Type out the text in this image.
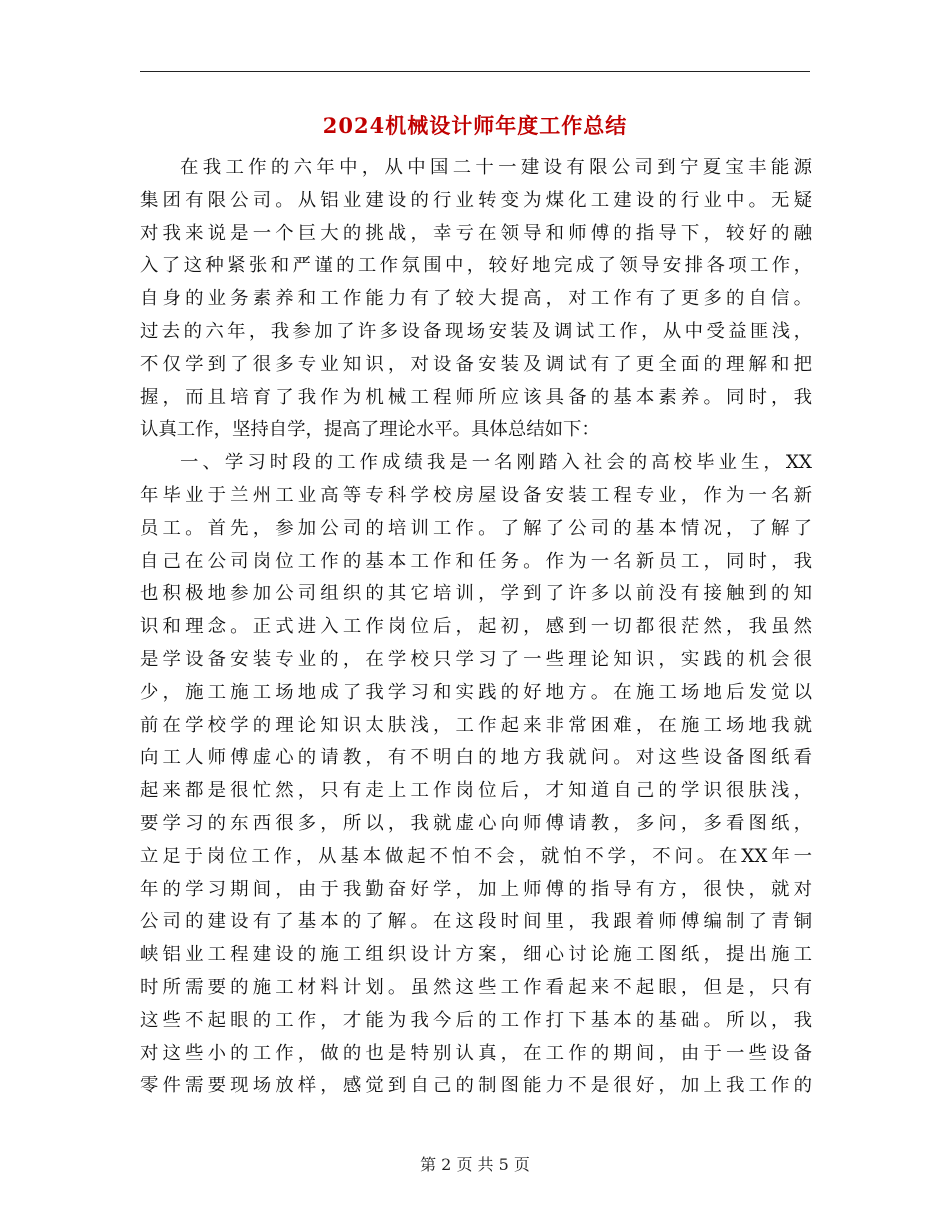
2024机械设计师年度工作总结
在我工作的六年中，从中国二十一建设有限公司到宁夏宝丰能源
集团有限公司。从铝业建设的行业转变为煤化工建设的行业中。无疑
对我来说是一个巨大的挑战，幸亏在领导和师傅的指导下，较好的融
入了这种紧张和严谨的工作氛围中，较好地完成了领导安排各项工作，
自身的业务素养和工作能力有了较大提高，对工作有了更多的自信。
过去的六年，我参加了许多设备现场安装及调试工作，从中受益匪浅，
不仅学到了很多专业知识，对设备安装及调试有了更全面的理解和把
握，而且培育了我作为机械工程师所应该具备的基本素养。同时，我
认真工作，坚持自学，提高了理论水平。具体总结如下：
一、学习时段的工作成绩我是一名刚踏入社会的高校毕业生，XX
年毕业于兰州工业高等专科学校房屋设备安装工程专业，作为一名新
员工。首先，参加公司的培训工作。了解了公司的基本情况，了解了
自己在公司岗位工作的基本工作和任务。作为一名新员工，同时，我
也积极地参加公司组织的其它培训，学到了许多以前没有接触到的知
识和理念。正式进入工作岗位后，起初，感到一切都很茫然，我虽然
是学设备安装专业的，在学校只学习了一些理论知识，实践的机会很
少，施工施工场地成了我学习和实践的好地方。在施工场地后发觉以
前在学校学的理论知识太肤浅，工作起来非常困难，在施工场地我就
向工人师傅虚心的请教，有不明白的地方我就问。对这些设备图纸看
起来都是很忙然，只有走上工作岗位后，才知道自己的学识很肤浅，
要学习的东西很多，所以，我就虚心向师傅请教，多问，多看图纸，
立足于岗位工作，从基本做起不怕不会，就怕不学，不问。在XX年一
年的学习期间，由于我勤奋好学，加上师傅的指导有方，很快，就对
公司的建设有了基本的了解。在这段时间里，我跟着师傅编制了青铜
峡铝业工程建设的施工组织设计方案，细心讨论施工图纸，提出施工
时所需要的施工材料计划。虽然这些工作看起来不起眼，但是，只有
这些不起眼的工作，才能为我今后的工作打下基本的基础。所以，我
对这些小的工作，做的也是特别认真，在工作的期间，由于一些设备
零件需要现场放样，感觉到自己的制图能力不是很好，加上我工作的
第 2 页 共 5 页
